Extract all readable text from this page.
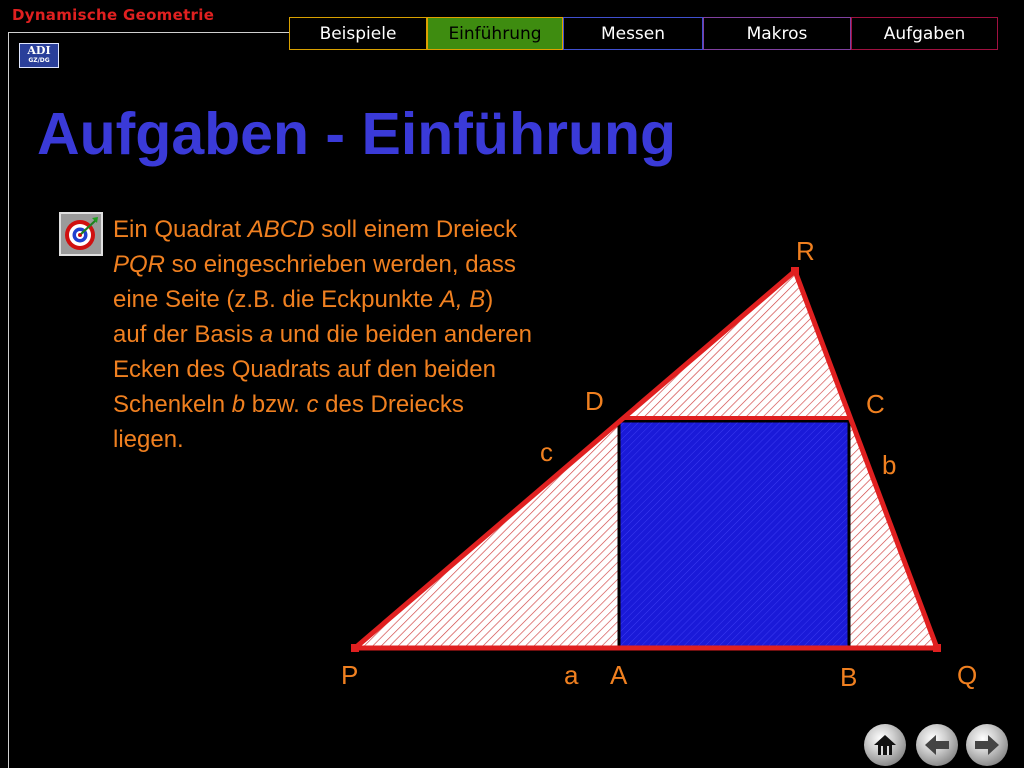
Dynamische Geometrie
ADI
GZ/DG
Beispiele	Einführung	Messen	Makros	Aufgaben
Aufgaben - Einführung

Ein Quadrat ABCD soll einem Dreieck PQR so eingeschrieben werden, dass eine Seite (z.B. die Eckpunkte A, B) auf der Basis a und die beiden anderen Ecken des Quadrats auf den beiden Schenkeln b bzw. c des Dreiecks liegen.

R
D	C
c	b
P	a A	B	Q
